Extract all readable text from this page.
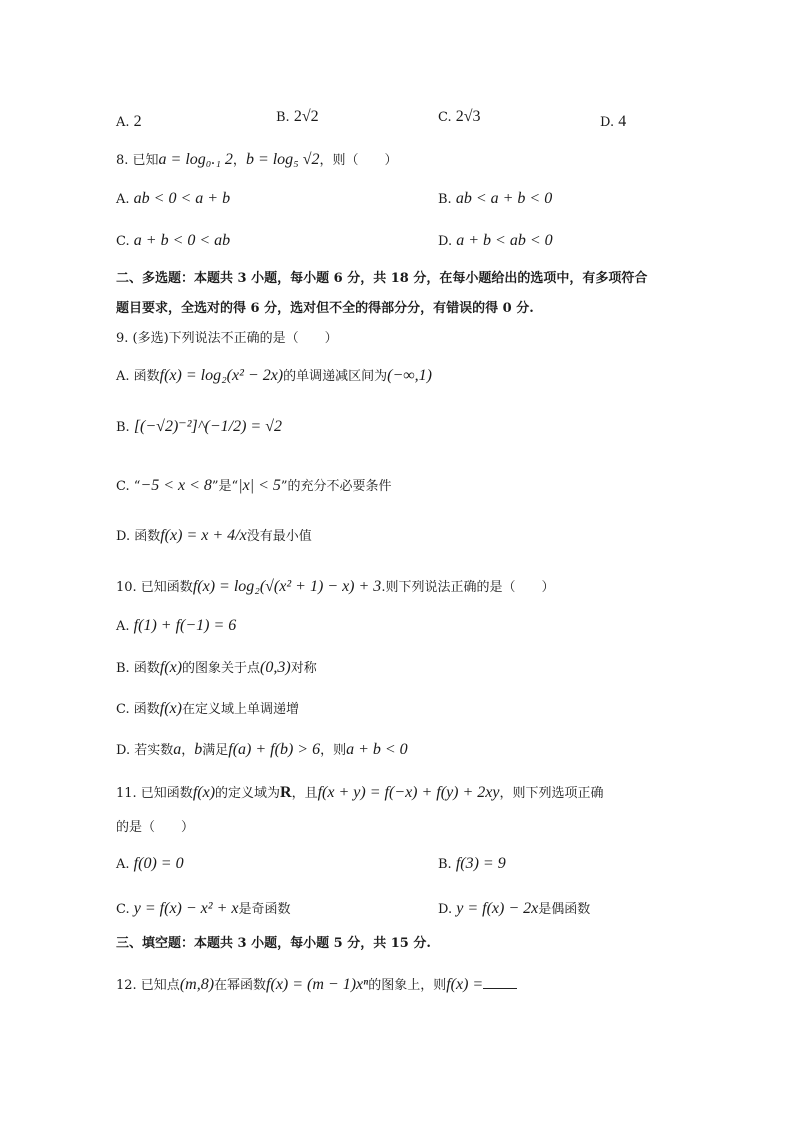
A. 2	B. 2√2	C. 2√3	D. 4
8. 已知a = log₀.₁ 2，b = log₅ √2，则（　　）
A. ab < 0 < a + b	B. ab < a + b < 0
C. a + b < 0 < ab	D. a + b < ab < 0
二、多选题：本题共 3 小题，每小题 6 分，共 18 分，在每小题给出的选项中，有多项符合
题目要求，全选对的得 6 分，选对但不全的得部分分，有错误的得 0 分.
9. (多选)下列说法不正确的是（　　）
A. 函数f(x) = log₂(x² − 2x)的单调递减区间为(−∞,1)
B. [(−√2)⁻²]^(−1/2) = √2
C. “−5 < x < 8”是“|x| < 5”的充分不必要条件
D. 函数f(x) = x + 4/x没有最小值
10. 已知函数f(x) = log₂(√(x² + 1) − x) + 3.则下列说法正确的是（　　）
A. f(1) + f(−1) = 6
B. 函数f(x)的图象关于点(0,3)对称
C. 函数f(x)在定义域上单调递增
D. 若实数a，b满足f(a) + f(b) > 6，则a + b < 0
11. 已知函数f(x)的定义域为R，且f(x + y) = f(−x) + f(y) + 2xy，则下列选项正确
的是（　　）
A. f(0) = 0	B. f(3) = 9
C. y = f(x) − x² + x是奇函数	D. y = f(x) − 2x是偶函数
三、填空题：本题共 3 小题，每小题 5 分，共 15 分.
12. 已知点(m,8)在幂函数f(x) = (m − 1)xⁿ的图象上，则f(x) =
